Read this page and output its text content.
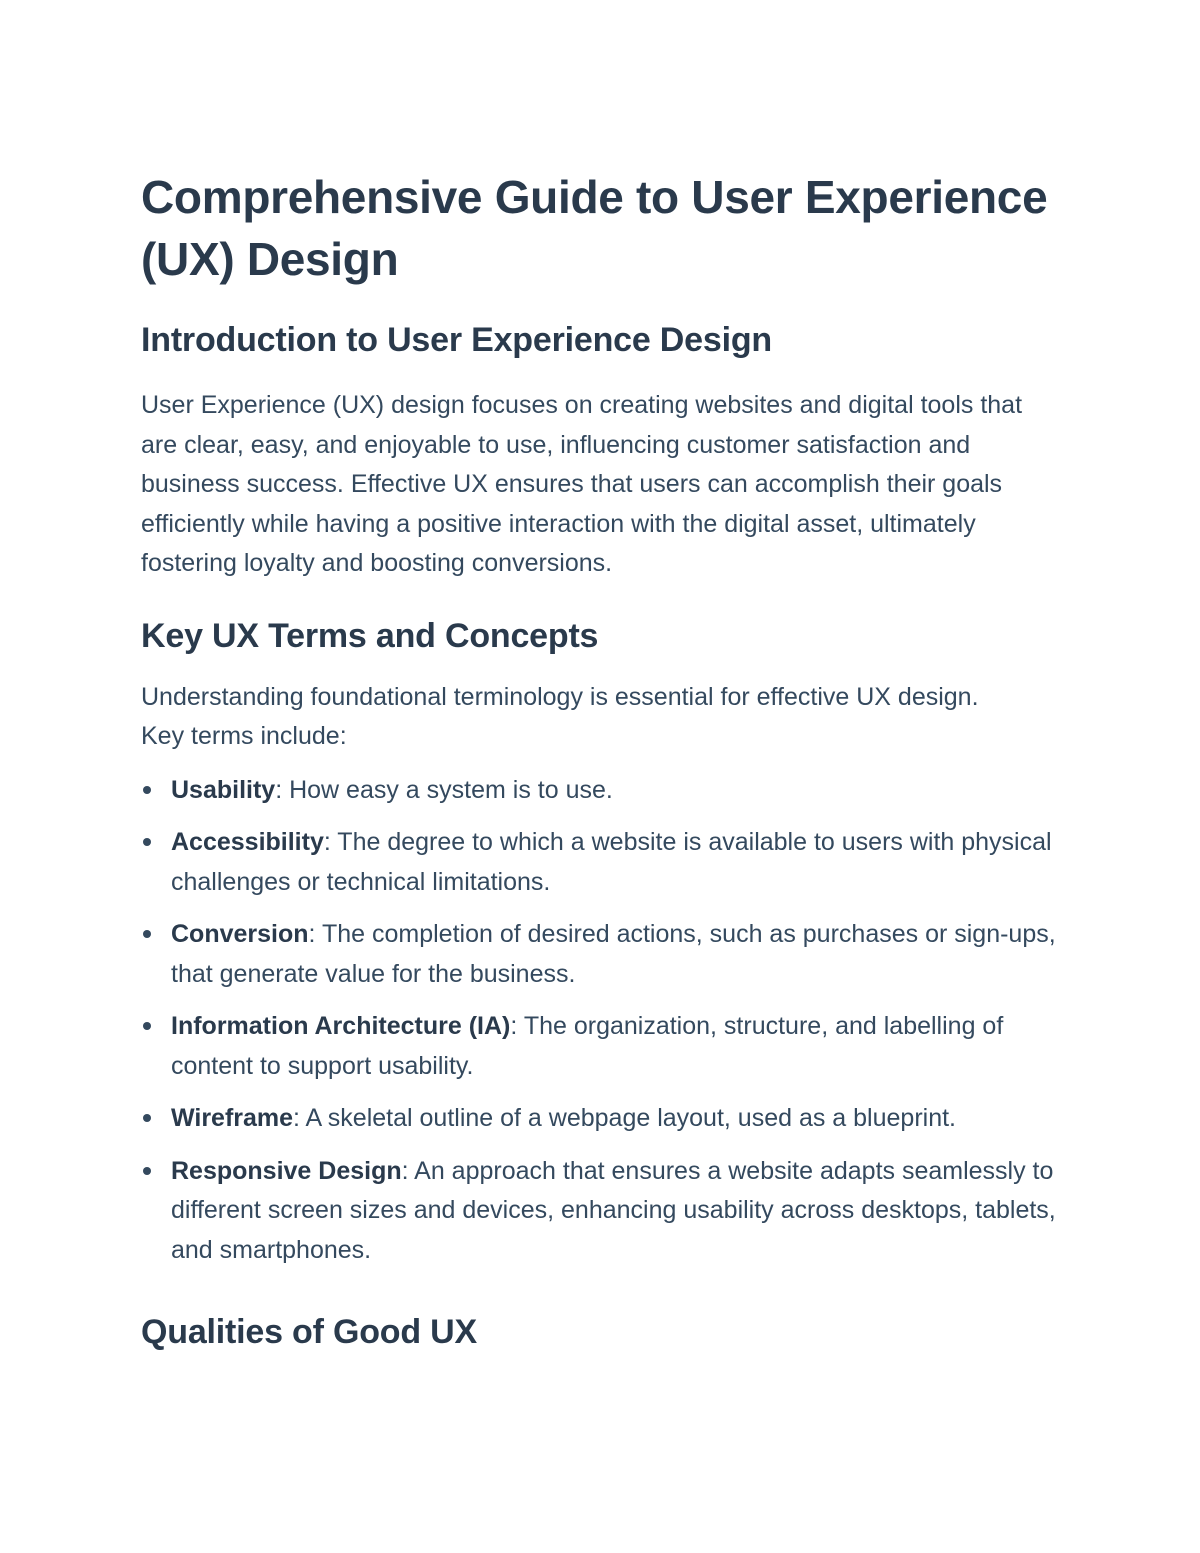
Comprehensive Guide to User Experience (UX) Design
Introduction to User Experience Design

User Experience (UX) design focuses on creating websites and digital tools that are clear, easy, and enjoyable to use, influencing customer satisfaction and business success. Effective UX ensures that users can accomplish their goals efficiently while having a positive interaction with the digital asset, ultimately fostering loyalty and boosting conversions.

Key UX Terms and Concepts

Understanding foundational terminology is essential for effective UX design. Key terms include:

Usability: How easy a system is to use.
Accessibility: The degree to which a website is available to users with physical challenges or technical limitations.
Conversion: The completion of desired actions, such as purchases or sign-ups, that generate value for the business.
Information Architecture (IA): The organization, structure, and labelling of content to support usability.
Wireframe: A skeletal outline of a webpage layout, used as a blueprint.
Responsive Design: An approach that ensures a website adapts seamlessly to different screen sizes and devices, enhancing usability across desktops, tablets, and smartphones.
Qualities of Good UX
